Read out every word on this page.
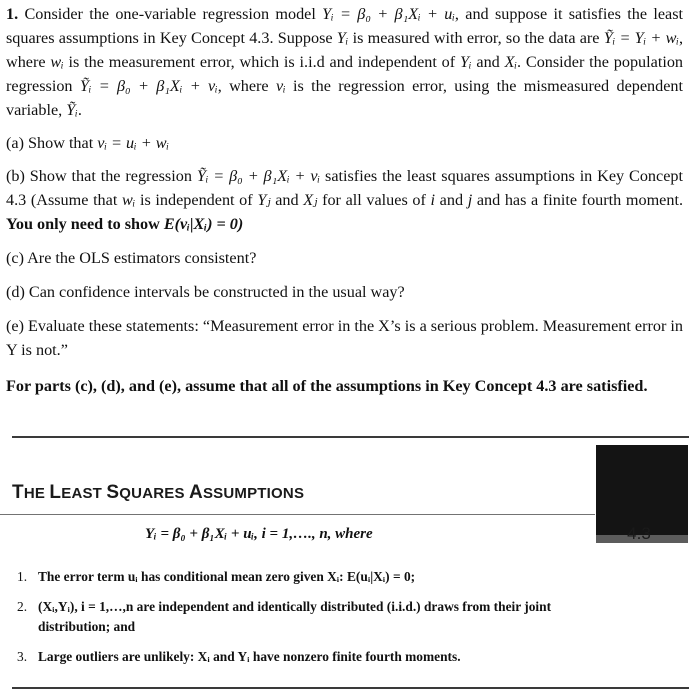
1. Consider the one-variable regression model Yᵢ = β₀ + β₁Xᵢ + uᵢ, and suppose it satisfies the least squares assumptions in Key Concept 4.3. Suppose Yᵢ is measured with error, so the data are Ỹᵢ = Yᵢ + wᵢ, where wᵢ is the measurement error, which is i.i.d and independent of Yᵢ and Xᵢ. Consider the population regression Ỹᵢ = β₀ + β₁Xᵢ + vᵢ, where vᵢ is the regression error, using the mismeasured dependent variable, Ỹᵢ.

(a) Show that vᵢ = uᵢ + wᵢ

(b) Show that the regression Ỹᵢ = β₀ + β₁Xᵢ + vᵢ satisfies the least squares assumptions in Key Concept 4.3 (Assume that wᵢ is independent of Yⱼ and Xⱼ for all values of i and j and has a finite fourth moment. You only need to show E(vᵢ|Xᵢ) = 0)

(c) Are the OLS estimators consistent?

(d) Can confidence intervals be constructed in the usual way?

(e) Evaluate these statements: “Measurement error in the X’s is a serious problem. Measurement error in Y is not.”

For parts (c), (d), and (e), assume that all of the assumptions in Key Concept 4.3 are satisfied.

4.3
THE LEAST SQUARES ASSUMPTIONS
Yᵢ = β₀ + β₁Xᵢ + uᵢ, i = 1,…., n, where
1. The error term uᵢ has conditional mean zero given Xᵢ: E(uᵢ|Xᵢ) = 0;
2. (Xᵢ,Yᵢ), i = 1,…,n are independent and identically distributed (i.i.d.) draws from their joint distribution; and
3. Large outliers are unlikely: Xᵢ and Yᵢ have nonzero finite fourth moments.
